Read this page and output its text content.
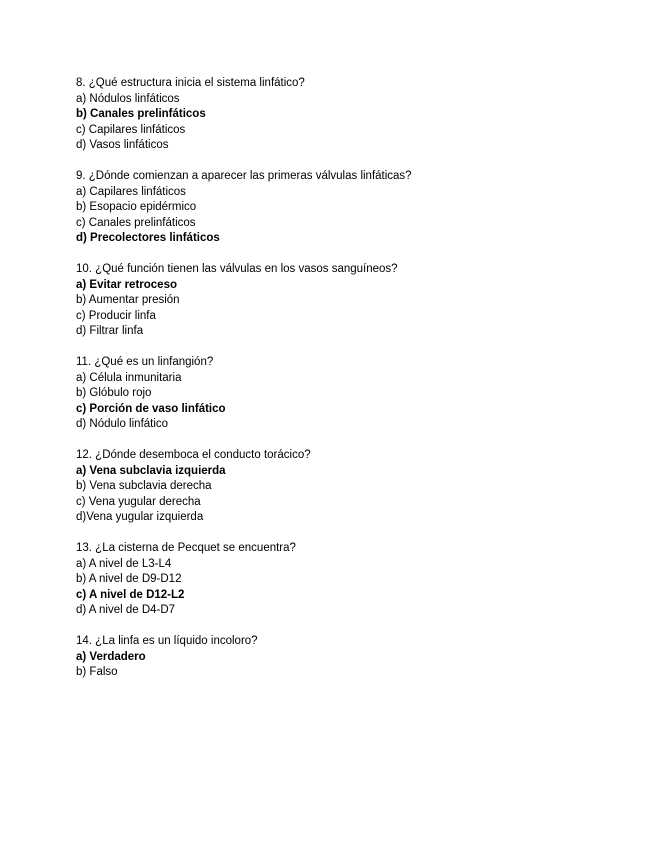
8. ¿Qué estructura inicia el sistema linfático?
a) Nódulos linfáticos
b) Canales prelinfáticos
c) Capilares linfáticos
d) Vasos linfáticos
9. ¿Dónde comienzan a aparecer las primeras válvulas linfáticas?
a) Capilares linfáticos
b) Esopacio epidérmico
c) Canales prelinfáticos
d) Precolectores linfáticos
10. ¿Qué función tienen las válvulas en los vasos sanguíneos?
a) Evitar retroceso
b) Aumentar presión
c) Producir linfa
d) Filtrar linfa
11. ¿Qué es un linfangión?
a) Célula inmunitaria
b) Glóbulo rojo
c) Porción de vaso linfático
d) Nódulo linfático
12. ¿Dónde desemboca el conducto torácico?
a) Vena subclavia izquierda
b) Vena subclavia derecha
c) Vena yugular derecha
d)Vena yugular izquierda
13. ¿La cisterna de Pecquet se encuentra?
a) A nivel de L3-L4
b) A nivel de D9-D12
c) A nivel de D12-L2
d) A nivel de D4-D7
14. ¿La linfa es un líquido incoloro?
a) Verdadero
b) Falso
